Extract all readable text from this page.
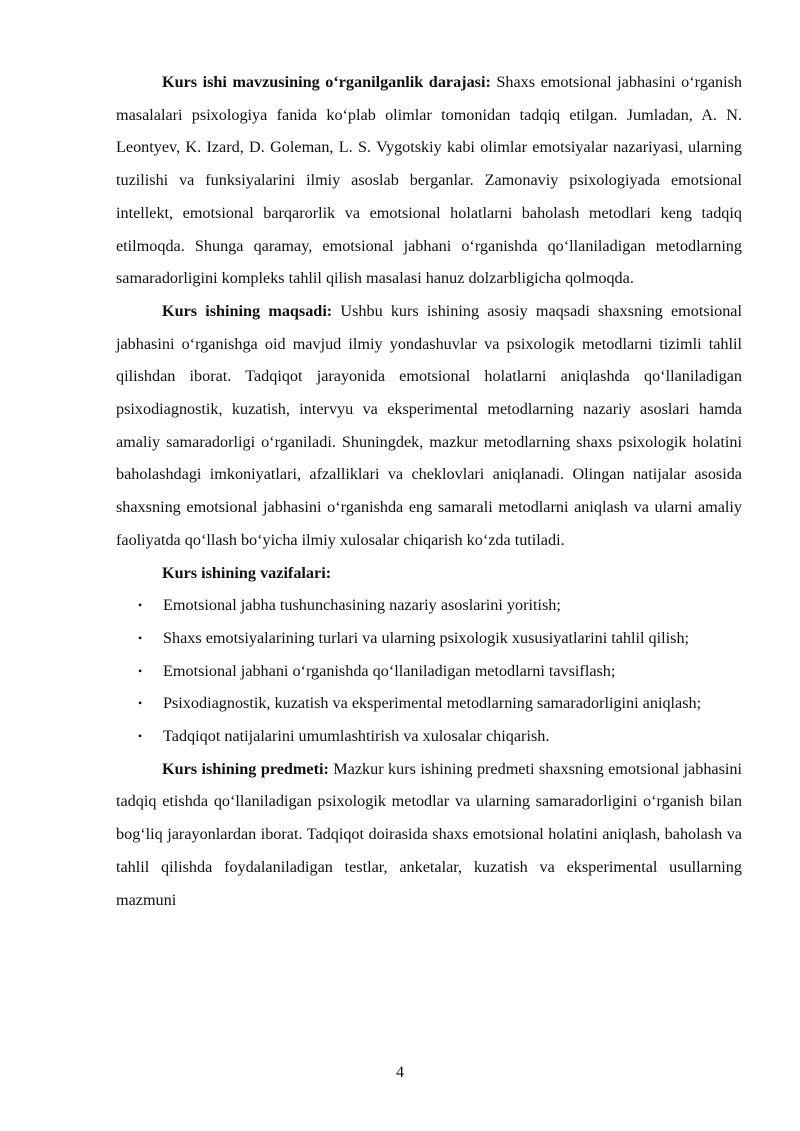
Kurs ishi mavzusining o‘rganilganlik darajasi: Shaxs emotsional jabhasini o‘rganish masalalari psixologiya fanida ko‘plab olimlar tomonidan tadqiq etilgan. Jumladan, A. N. Leontyev, K. Izard, D. Goleman, L. S. Vygotskiy kabi olimlar emotsiyalar nazariyasi, ularning tuzilishi va funksiyalarini ilmiy asoslab berganlar. Zamonaviy psixologiyada emotsional intellekt, emotsional barqarorlik va emotsional holatlarni baholash metodlari keng tadqiq etilmoqda. Shunga qaramay, emotsional jabhani o‘rganishda qo‘llaniladigan metodlarning samaradorligini kompleks tahlil qilish masalasi hanuz dolzarbligicha qolmoqda.

Kurs ishining maqsadi: Ushbu kurs ishining asosiy maqsadi shaxsning emotsional jabhasini o‘rganishga oid mavjud ilmiy yondashuvlar va psixologik metodlarni tizimli tahlil qilishdan iborat. Tadqiqot jarayonida emotsional holatlarni aniqlashda qo‘llaniladigan psixodiagnostik, kuzatish, intervyu va eksperimental metodlarning nazariy asoslari hamda amaliy samaradorligi o‘rganiladi. Shuningdek, mazkur metodlarning shaxs psixologik holatini baholashdagi imkoniyatlari, afzalliklari va cheklovlari aniqlanadi. Olingan natijalar asosida shaxsning emotsional jabhasini o‘rganishda eng samarali metodlarni aniqlash va ularni amaliy faoliyatda qo‘llash bo‘yicha ilmiy xulosalar chiqarish ko‘zda tutiladi.

Kurs ishining vazifalari:

• Emotsional jabha tushunchasining nazariy asoslarini yoritish;
• Shaxs emotsiyalarining turlari va ularning psixologik xususiyatlarini tahlil qilish;
• Emotsional jabhani o‘rganishda qo‘llaniladigan metodlarni tavsiflash;
• Psixodiagnostik, kuzatish va eksperimental metodlarning samaradorligini aniqlash;
• Tadqiqot natijalarini umumlashtirish va xulosalar chiqarish.

Kurs ishining predmeti: Mazkur kurs ishining predmeti shaxsning emotsional jabhasini tadqiq etishda qo‘llaniladigan psixologik metodlar va ularning samaradorligini o‘rganish bilan bog‘liq jarayonlardan iborat. Tadqiqot doirasida shaxs emotsional holatini aniqlash, baholash va tahlil qilishda foydalaniladigan testlar, anketalar, kuzatish va eksperimental usullarning mazmuni

4
